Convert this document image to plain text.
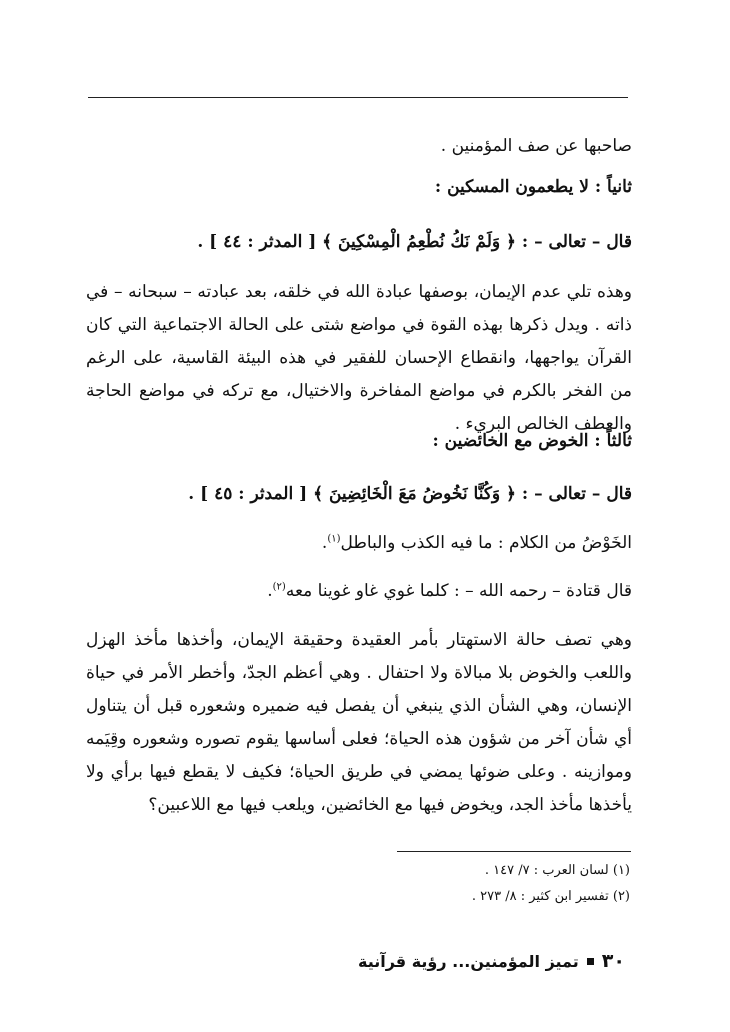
صاحبها عن صف المؤمنين .

ثانياً : لا يطعمون المسكين :

قال – تعالى – : ﴿ وَلَمْ نَكُ نُطْعِمُ الْمِسْكِينَ ﴾ [ المدثر : ٤٤ ] .

وهذه تلي عدم الإيمان، بوصفها عبادة الله في خلقه، بعد عبادته – سبحانه – في ذاته . ويدل ذكرها بهذه القوة في مواضع شتى على الحالة الاجتماعية التي كان القرآن يواجهها، وانقطاع الإحسان للفقير في هذه البيئة القاسية، على الرغم من الفخر بالكرم في مواضع المفاخرة والاختيال، مع تركه في مواضع الحاجة والعطف الخالص البريء .

ثالثاً : الخوض مع الخائضين :

قال – تعالى – : ﴿ وَكُنَّا نَخُوضُ مَعَ الْخَائِضِينَ ﴾ [ المدثر : ٤٥ ] .

الخَوْضُ من الكلام : ما فيه الكذب والباطل$^{(١)}$.

قال قتادة – رحمه الله – : كلما غوي غاو غوينا معه$^{(٢)}$.

وهي تصف حالة الاستهتار بأمر العقيدة وحقيقة الإيمان، وأخذها مأخذ الهزل واللعب والخوض بلا مبالاة ولا احتفال . وهي أعظم الجدّ، وأخطر الأمر في حياة الإنسان، وهي الشأن الذي ينبغي أن يفصل فيه ضميره وشعوره قبل أن يتناول أي شأن آخر من شؤون هذه الحياة؛ فعلى أساسها يقوم تصوره وشعوره وقِيَمه وموازينه . وعلى ضوئها يمضي في طريق الحياة؛ فكيف لا يقطع فيها برأي ولا يأخذها مأخذ الجد، ويخوض فيها مع الخائضين، ويلعب فيها مع اللاعبين؟

(١) لسان العرب : ٧/ ١٤٧ .
(٢) تفسير ابن كثير : ٨/ ٢٧٣ .
٣٠
تميز المؤمنين... رؤية قرآنية
